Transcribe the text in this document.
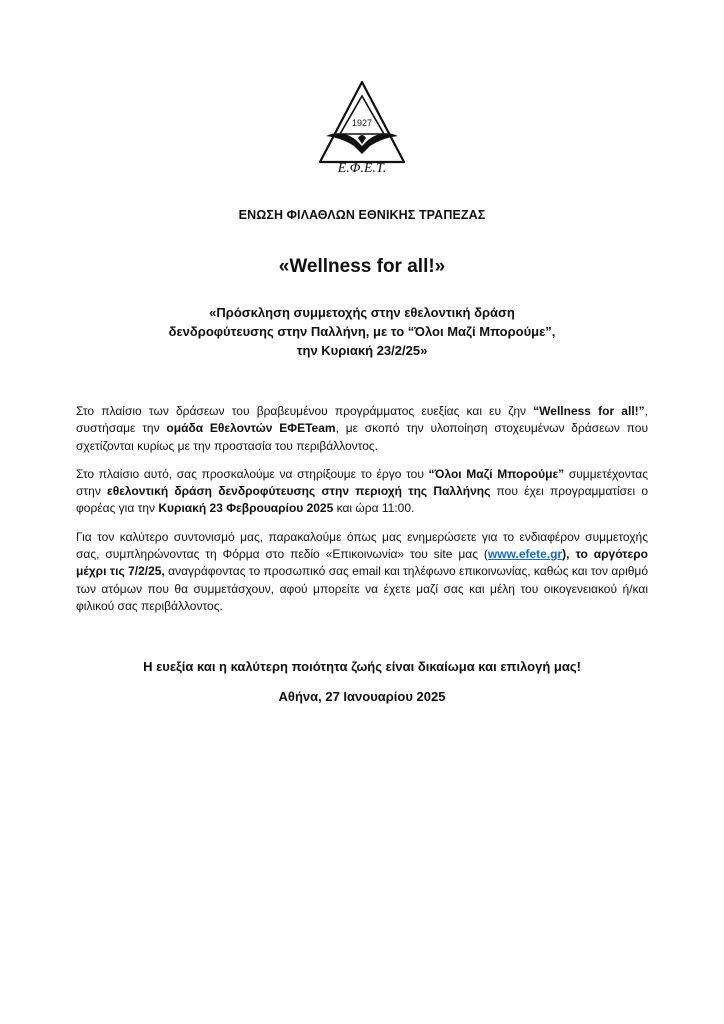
1927
Ε.Φ.Ε.Τ.
ΕΝΩΣΗ ΦΙΛΑΘΛΩΝ ΕΘΝΙΚΗΣ ΤΡΑΠΕΖΑΣ
«Wellness for all!»
«Πρόσκληση συμμετοχής στην εθελοντική δράση
δενδροφύτευσης στην Παλλήνη, με το “Όλοι Μαζί Μπορούμε”,
την Κυριακή 23/2/25»

Στο πλαίσιο των δράσεων του βραβευμένου προγράμματος ευεξίας και ευ ζην “Wellness for all!”, συστήσαμε την ομάδα Εθελοντών ΕΦΕTeam, με σκοπό την υλοποίηση στοχευμένων δράσεων που σχετίζονται κυρίως με την προστασία του περιβάλλοντος.

Στο πλαίσιο αυτό, σας προσκαλούμε να στηρίξουμε το έργο του “Όλοι Μαζί Μπορούμε” συμμετέχοντας στην εθελοντική δράση δενδροφύτευσης στην περιοχή της Παλλήνης που έχει προγραμματίσει ο φορέας για την Κυριακή 23 Φεβρουαρίου 2025 και ώρα 11:00.

Για τον καλύτερο συντονισμό μας, παρακαλούμε όπως μας ενημερώσετε για το ενδιαφέρον συμμετοχής σας, συμπληρώνοντας τη Φόρμα στο πεδίο «Επικοινωνία» του site μας (www.efete.gr), το αργότερο μέχρι τις 7/2/25, αναγράφοντας το προσωπικό σας email και τηλέφωνο επικοινωνίας, καθώς και τον αριθμό των ατόμων που θα συμμετάσχουν, αφού μπορείτε να έχετε μαζί σας και μέλη του οικογενειακού ή/και φιλικού σας περιβάλλοντος.

Η ευεξία και η καλύτερη ποιότητα ζωής είναι δικαίωμα και επιλογή μας!
Αθήνα, 27 Ιανουαρίου 2025
